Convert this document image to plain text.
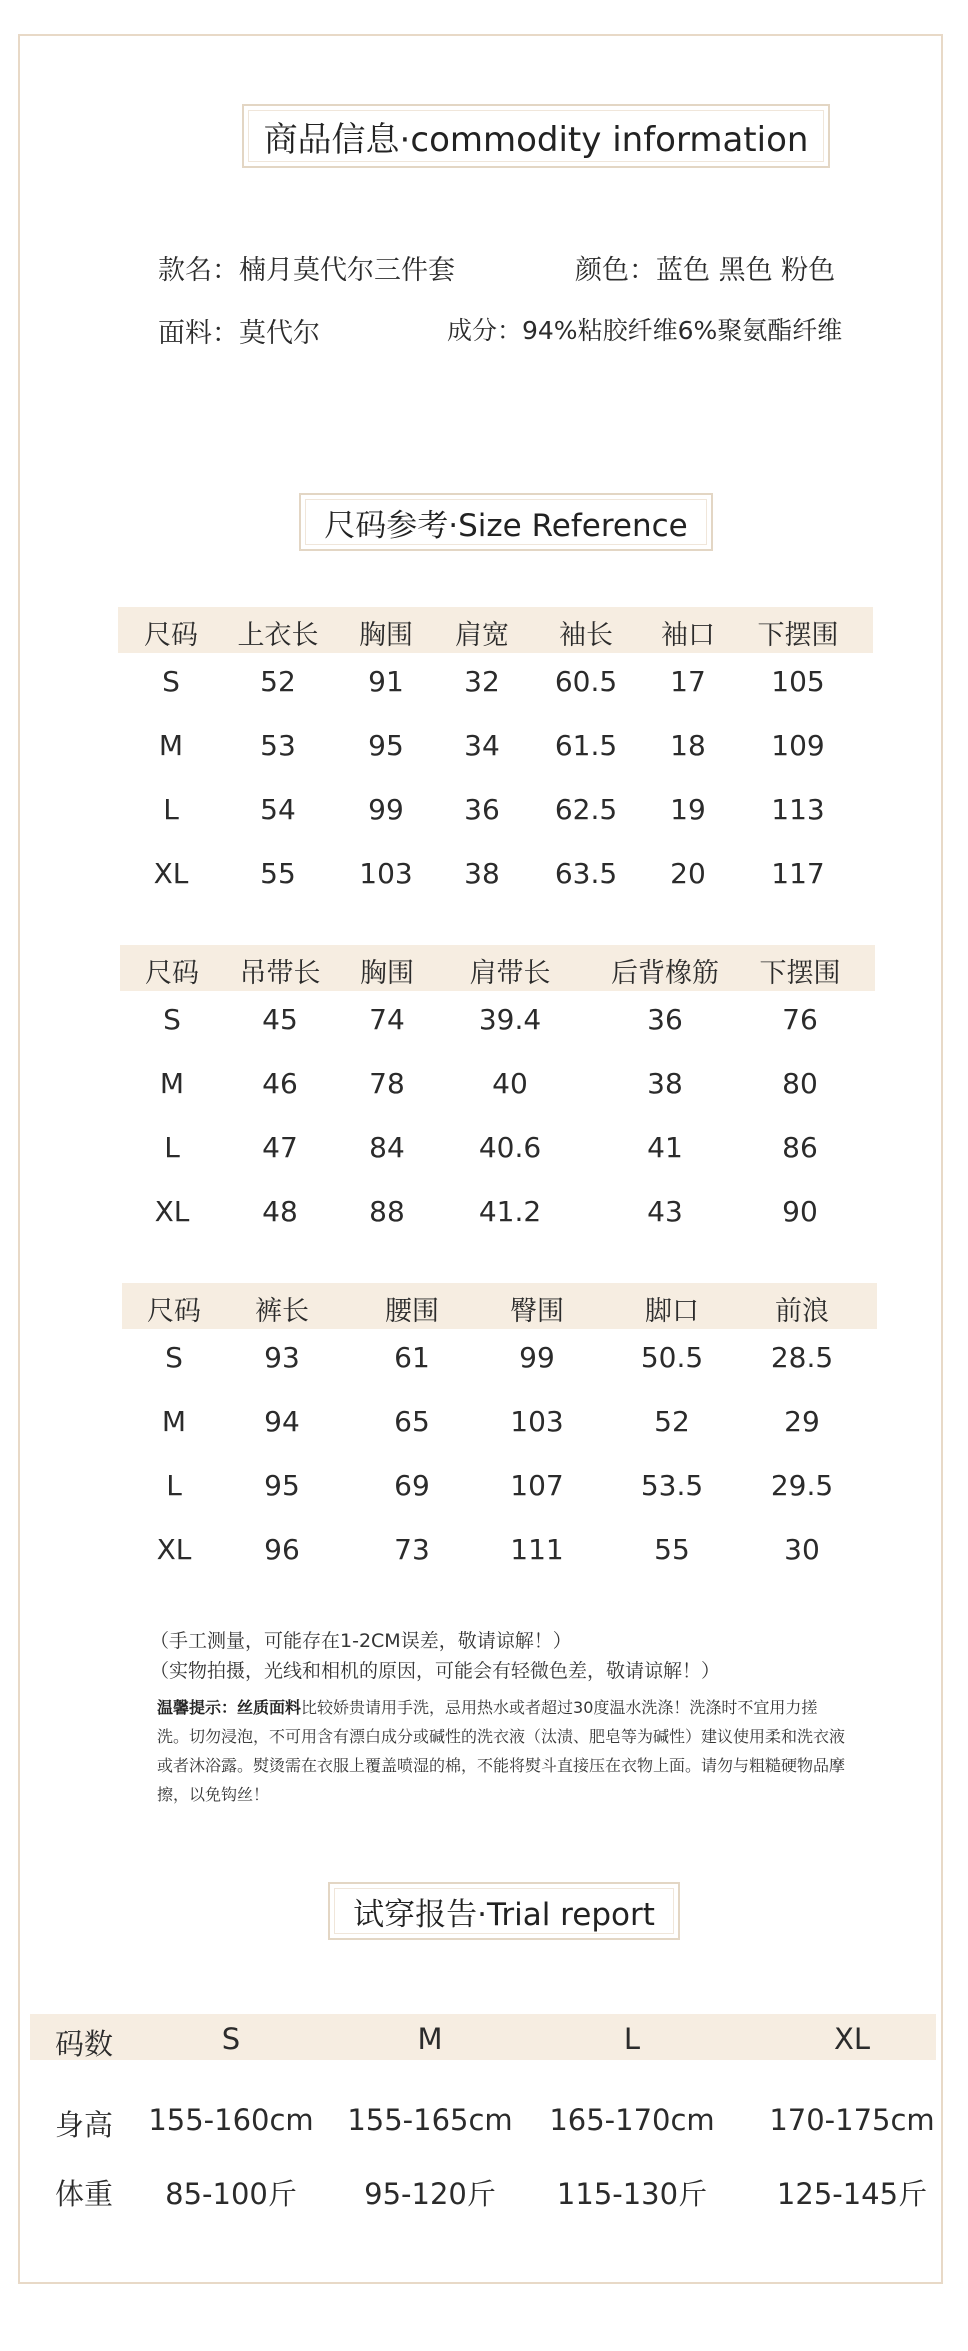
商品信息·commodity information
款名：楠月莫代尔三件套	颜色：蓝色 黑色 粉色
面料：莫代尔	成分：94%粘胶纤维6%聚氨酯纤维
尺码参考·Size Reference
尺码 上衣长 胸围 肩宽 袖长 袖口 下摆围
S	52	91 32 60.5 17 105
M	53	95 34 61.5 18 109
L	54	99 36 62.5 19 113
XL	55 103 38 63.5 20 117
尺码 吊带长 胸围 肩带长 后背橡筋 下摆围
S	45	74	39.4	36	76
M	46	78	40	38	80
L	47	84	40.6	41	86
XL	48	88	41.2	43	90
尺码 裤长	腰围	臀围	脚口	前浪
S	93	61	99	50.5 28.5
M	94	65	103	52	29
L	95	69	107	53.5 29.5
XL	96	73	111	55	30
（手工测量，可能存在1-2CM误差，敬请谅解！）
（实物拍摄，光线和相机的原因，可能会有轻微色差，敬请谅解！）
温馨提示：丝质面料比较娇贵请用手洗，忌用热水或者超过30度温水洗涤！洗涤时不宜用力搓洗。切勿浸泡，不可用含有漂白成分或碱性的洗衣液（汰渍、肥皂等为碱性）建议使用柔和洗衣液或者沐浴露。熨烫需在衣服上覆盖喷湿的棉，不能将熨斗直接压在衣物上面。请勿与粗糙硬物品摩擦，以免钩丝！
试穿报告·Trial report
码数	S	M	L	XL
身高 155-160cm 155-165cm 165-170cm 170-175cm
体重 85-100斤 95-120斤 115-130斤 125-145斤
